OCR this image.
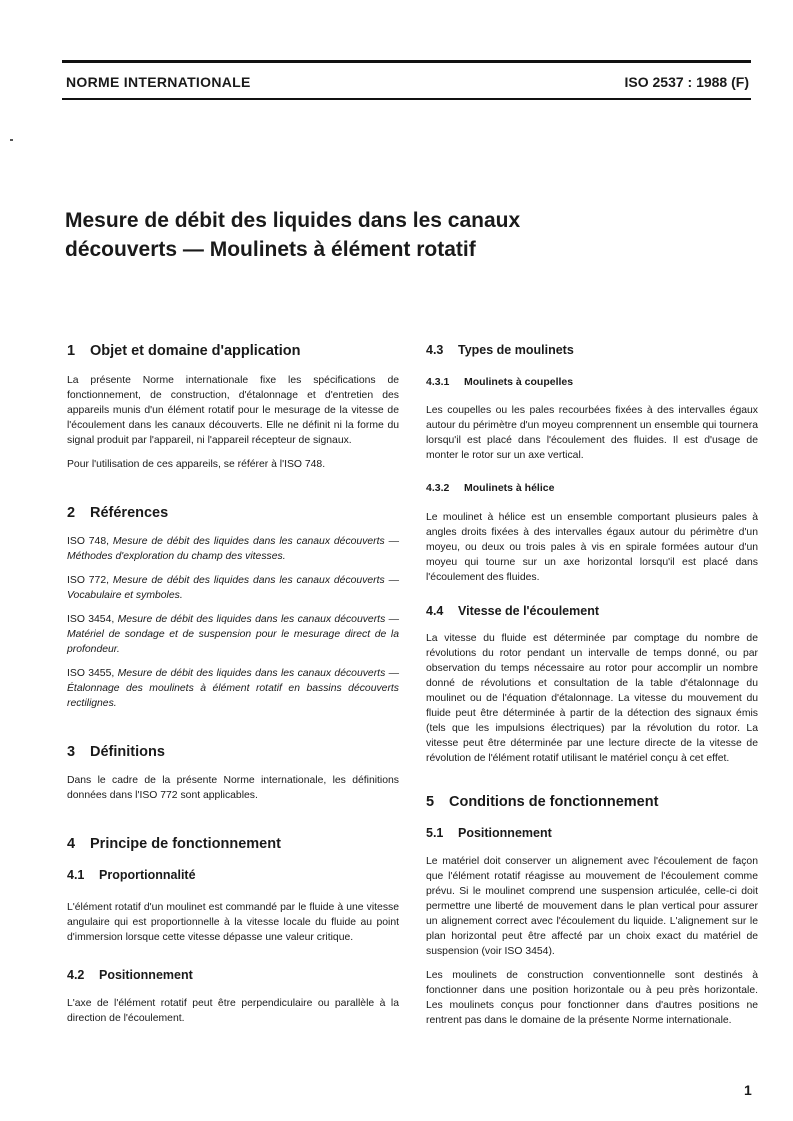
NORME INTERNATIONALE	ISO 2537 : 1988 (F)
Mesure de débit des liquides dans les canaux
découverts — Moulinets à élément rotatif
1 Objet et domaine d'application

La présente Norme internationale fixe les spécifications de fonctionnement, de construction, d'étalonnage et d'entretien des appareils munis d'un élément rotatif pour le mesurage de la vitesse de l'écoulement dans les canaux découverts. Elle ne définit ni la forme du signal produit par l'appareil, ni l'appareil récepteur de signaux.

Pour l'utilisation de ces appareils, se référer à l'ISO 748.

2 Références

ISO 748, Mesure de débit des liquides dans les canaux découverts — Méthodes d'exploration du champ des vitesses.

ISO 772, Mesure de débit des liquides dans les canaux découverts — Vocabulaire et symboles.

ISO 3454, Mesure de débit des liquides dans les canaux découverts — Matériel de sondage et de suspension pour le mesurage direct de la profondeur.

ISO 3455, Mesure de débit des liquides dans les canaux découverts — Étalonnage des moulinets à élément rotatif en bassins découverts rectilignes.

3 Définitions

Dans le cadre de la présente Norme internationale, les définitions données dans l'ISO 772 sont applicables.

4 Principe de fonctionnement
4.1 Proportionnalité

L'élément rotatif d'un moulinet est commandé par le fluide à une vitesse angulaire qui est proportionnelle à la vitesse locale du fluide au point d'immersion lorsque cette vitesse dépasse une valeur critique.

4.2 Positionnement

L'axe de l'élément rotatif peut être perpendiculaire ou parallèle à la direction de l'écoulement.

4.3 Types de moulinets
4.3.1 Moulinets à coupelles

Les coupelles ou les pales recourbées fixées à des intervalles égaux autour du périmètre d'un moyeu comprennent un ensemble qui tournera lorsqu'il est placé dans l'écoulement des fluides. Il est d'usage de monter le rotor sur un axe vertical.

4.3.2 Moulinets à hélice

Le moulinet à hélice est un ensemble comportant plusieurs pales à angles droits fixées à des intervalles égaux autour du périmètre d'un moyeu, ou deux ou trois pales à vis en spirale formées autour d'un moyeu qui tourne sur un axe horizontal lorsqu'il est placé dans l'écoulement des fluides.

4.4 Vitesse de l'écoulement

La vitesse du fluide est déterminée par comptage du nombre de révolutions du rotor pendant un intervalle de temps donné, ou par observation du temps nécessaire au rotor pour accomplir un nombre donné de révolutions et consultation de la table d'étalonnage du moulinet ou de l'équation d'étalonnage. La vitesse du mouvement du fluide peut être déterminée à partir de la détection des signaux émis (tels que les impulsions électriques) par la révolution du rotor. La vitesse peut être déterminée par une lecture directe de la vitesse de révolution de l'élément rotatif utilisant le matériel conçu à cet effet.

5 Conditions de fonctionnement
5.1 Positionnement

Le matériel doit conserver un alignement avec l'écoulement de façon que l'élément rotatif réagisse au mouvement de l'écoulement comme prévu. Si le moulinet comprend une suspension articulée, celle-ci doit permettre une liberté de mouvement dans le plan vertical pour assurer un alignement correct avec l'écoulement du liquide. L'alignement sur le plan horizontal peut être affecté par un choix exact du matériel de suspension (voir ISO 3454).

Les moulinets de construction conventionnelle sont destinés à fonctionner dans une position horizontale ou à peu près horizontale. Les moulinets conçus pour fonctionner dans d'autres positions ne rentrent pas dans le domaine de la présente Norme internationale.

1
